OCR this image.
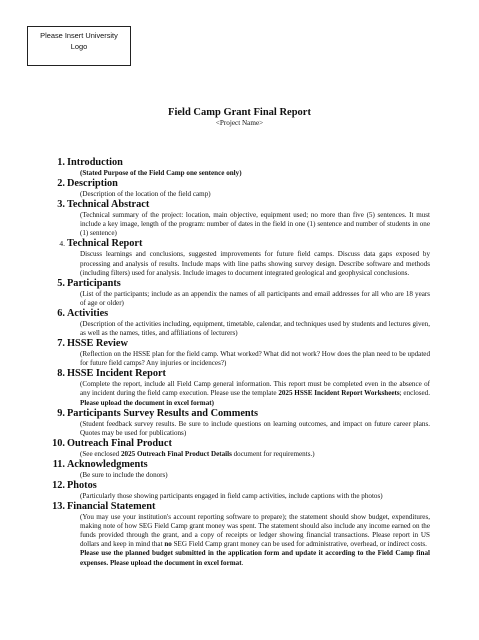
Please Insert University
Logo
Field Camp Grant Final Report
<Project Name>
1. Introduction
(Stated Purpose of the Field Camp one sentence only)
2. Description
(Description of the location of the field camp)
3. Technical Abstract
(Technical summary of the project: location, main objective, equipment used; no more than five (5) sentences. It must include a key image, length of the program: number of dates in the field in one (1) sentence and number of students in one (1) sentence)
4. Technical Report
Discuss learnings and conclusions, suggested improvements for future field camps. Discuss data gaps exposed by processing and analysis of results. Include maps with line paths showing survey design. Describe software and methods (including filters) used for analysis. Include images to document integrated geological and geophysical conclusions.
5. Participants
(List of the participants; include as an appendix the names of all participants and email addresses for all who are 18 years of age or older)
6. Activities
(Description of the activities including, equipment, timetable, calendar, and techniques used by students and lectures given, as well as the names, titles, and affiliations of lecturers)
7. HSSE Review
(Reflection on the HSSE plan for the field camp. What worked? What did not work? How does the plan need to be updated for future field camps? Any injuries or incidences?)
8. HSSE Incident Report
(Complete the report, include all Field Camp general information. This report must be completed even in the absence of any incident during the field camp execution. Please use the template 2025 HSSE Incident Report Worksheets; enclosed. Please upload the document in excel format)
9. Participants Survey Results and Comments
(Student feedback survey results. Be sure to include questions on learning outcomes, and impact on future career plans. Quotes may be used for publications)
10. Outreach Final Product
(See enclosed 2025 Outreach Final Product Details document for requirements.)
11. Acknowledgments
(Be sure to include the donors)
12. Photos
(Particularly those showing participants engaged in field camp activities, include captions with the photos)
13. Financial Statement
(You may use your institution's account reporting software to prepare); the statement should show budget, expenditures, making note of how SEG Field Camp grant money was spent. The statement should also include any income earned on the funds provided through the grant, and a copy of receipts or ledger showing financial transactions. Please report in US dollars and keep in mind that no SEG Field Camp grant money can be used for administrative, overhead, or indirect costs.
Please use the planned budget submitted in the application form and update it according to the Field Camp final expenses. Please upload the document in excel format.
